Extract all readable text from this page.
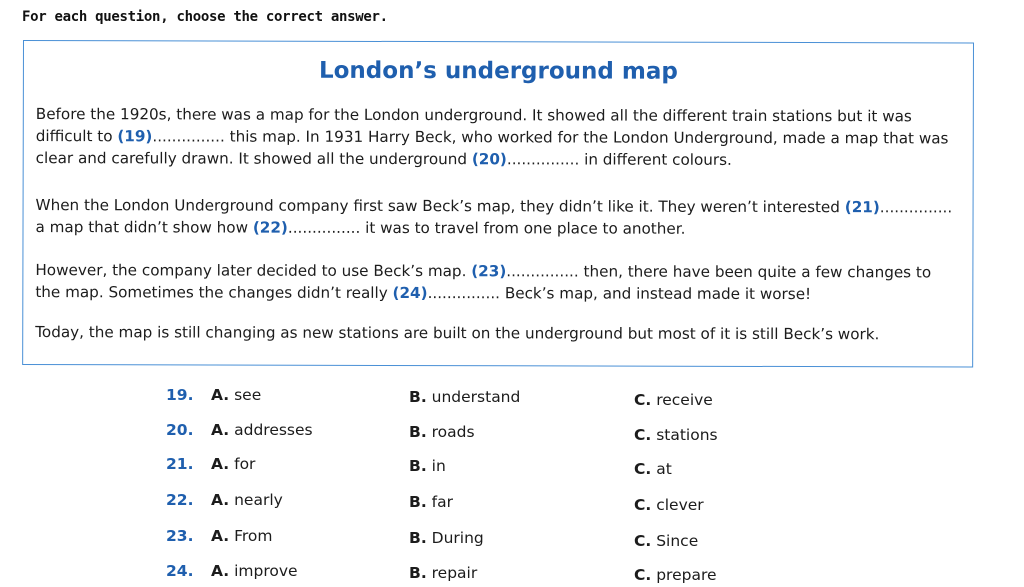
For each question, choose the correct answer.
London’s underground map
Before the 1920s, there was a map for the London underground. It showed all the different train stations but it was difficult to (19)............... this map. In 1931 Harry Beck, who worked for the London Underground, made a map that was clear and carefully drawn. It showed all the underground (20)............... in different colours.
When the London Underground company first saw Beck’s map, they didn’t like it. They weren’t interested (21)............... a map that didn’t show how (22)............... it was to travel from one place to another.
However, the company later decided to use Beck’s map. (23)............... then, there have been quite a few changes to the map. Sometimes the changes didn’t really (24)............... Beck’s map, and instead made it worse!
Today, the map is still changing as new stations are built on the underground but most of it is still Beck’s work.
19. A. see	B. understand	C. receive
20. A. addresses	B. roads	C. stations
21. A. for	B. in	C. at
22. A. nearly	B. far	C. clever
23. A. From	B. During	C. Since
24. A. improve	B. repair	C. prepare
